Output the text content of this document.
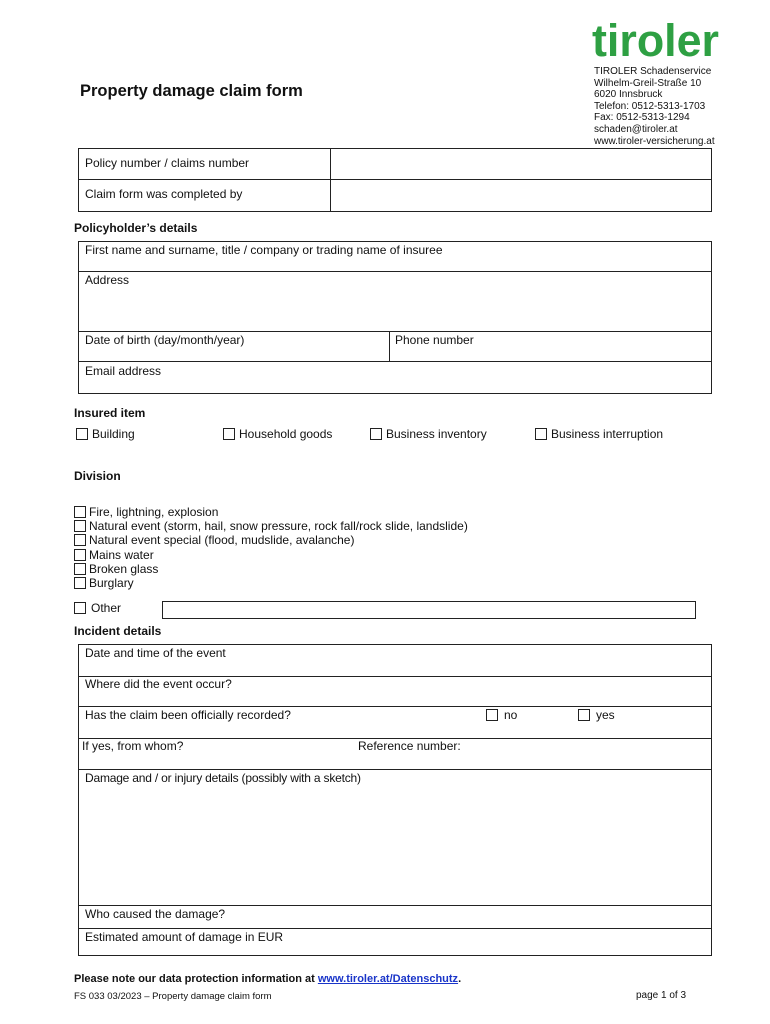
Property damage claim form
tiroler
TIROLER Schadenservice
Wilhelm-Greil-Straße 10
6020 Innsbruck
Telefon: 0512-5313-1703
Fax: 0512-5313-1294
schaden@tiroler.at
www.tiroler-versicherung.at
Policy number / claims number
Claim form was completed by
Policyholder’s details
First name and surname, title / company or trading name of insuree
Address
Date of birth (day/month/year)	Phone number
Email address
Insured item
Building	Household goods	Business inventory	Business interruption
Division
Fire, lightning, explosion
Natural event (storm, hail, snow pressure, rock fall/rock slide, landslide)
Natural event special (flood, mudslide, avalanche)
Mains water
Broken glass
Burglary
Other
Incident details
Date and time of the event
Where did the event occur?
Has the claim been officially recorded?	no	yes
If yes, from whom?	Reference number:
Damage and / or injury details (possibly with a sketch)
Who caused the damage?
Estimated amount of damage in EUR
Please note our data protection information at www.tiroler.at/Datenschutz.
FS 033 03/2023 – Property damage claim form	page 1 of 3
